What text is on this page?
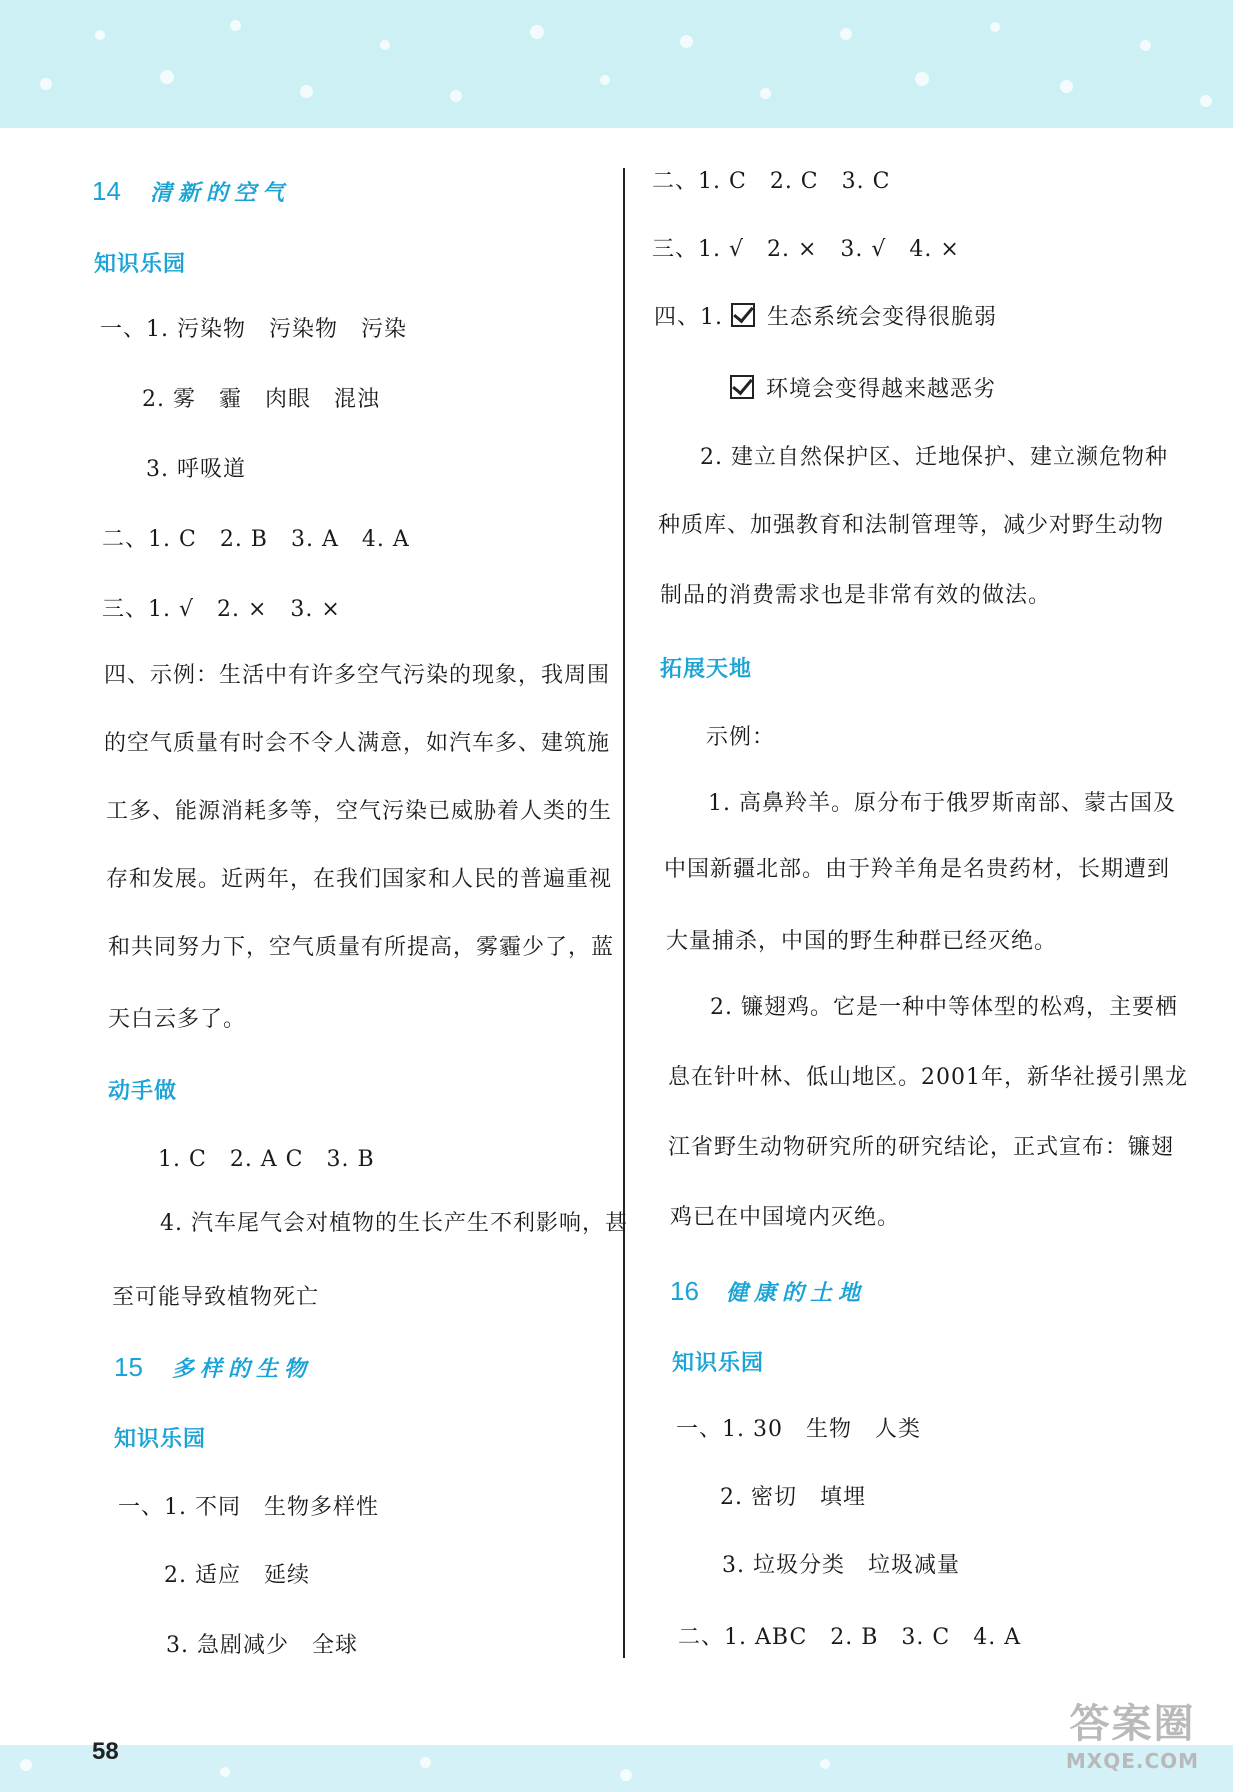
14 清新的空气
知识乐园
一、1. 污染物　污染物　污染
2. 雾　霾　肉眼　混浊
3. 呼吸道
二、1. C　2. B　3. A　4. A
三、1. √　2. ×　3. ×
四、示例：生活中有许多空气污染的现象，我周围
的空气质量有时会不令人满意，如汽车多、建筑施
工多、能源消耗多等，空气污染已威胁着人类的生
存和发展。近两年，在我们国家和人民的普遍重视
和共同努力下，空气质量有所提高，雾霾少了，蓝
天白云多了。
动手做
1. C　2. A C　3. B
4. 汽车尾气会对植物的生长产生不利影响，甚
至可能导致植物死亡
15 多样的生物
知识乐园
一、1. 不同　生物多样性
2. 适应　延续
3. 急剧减少　全球
二、1. C　2. C　3. C
三、1. √　2. ×　3. √　4. ×
四、1. 生态系统会变得很脆弱
环境会变得越来越恶劣
2. 建立自然保护区、迁地保护、建立濒危物种
种质库、加强教育和法制管理等，减少对野生动物
制品的消费需求也是非常有效的做法。
拓展天地
示例：
1. 高鼻羚羊。原分布于俄罗斯南部、蒙古国及
中国新疆北部。由于羚羊角是名贵药材，长期遭到
大量捕杀，中国的野生种群已经灭绝。
2. 镰翅鸡。它是一种中等体型的松鸡，主要栖
息在针叶林、低山地区。2001年，新华社援引黑龙
江省野生动物研究所的研究结论，正式宣布：镰翅
鸡已在中国境内灭绝。
16 健康的土地
知识乐园
一、1. 30　生物　人类
2. 密切　填埋
3. 垃圾分类　垃圾减量
二、1. ABC　2. B　3. C　4. A
58
答案圈
MXQE.COM
